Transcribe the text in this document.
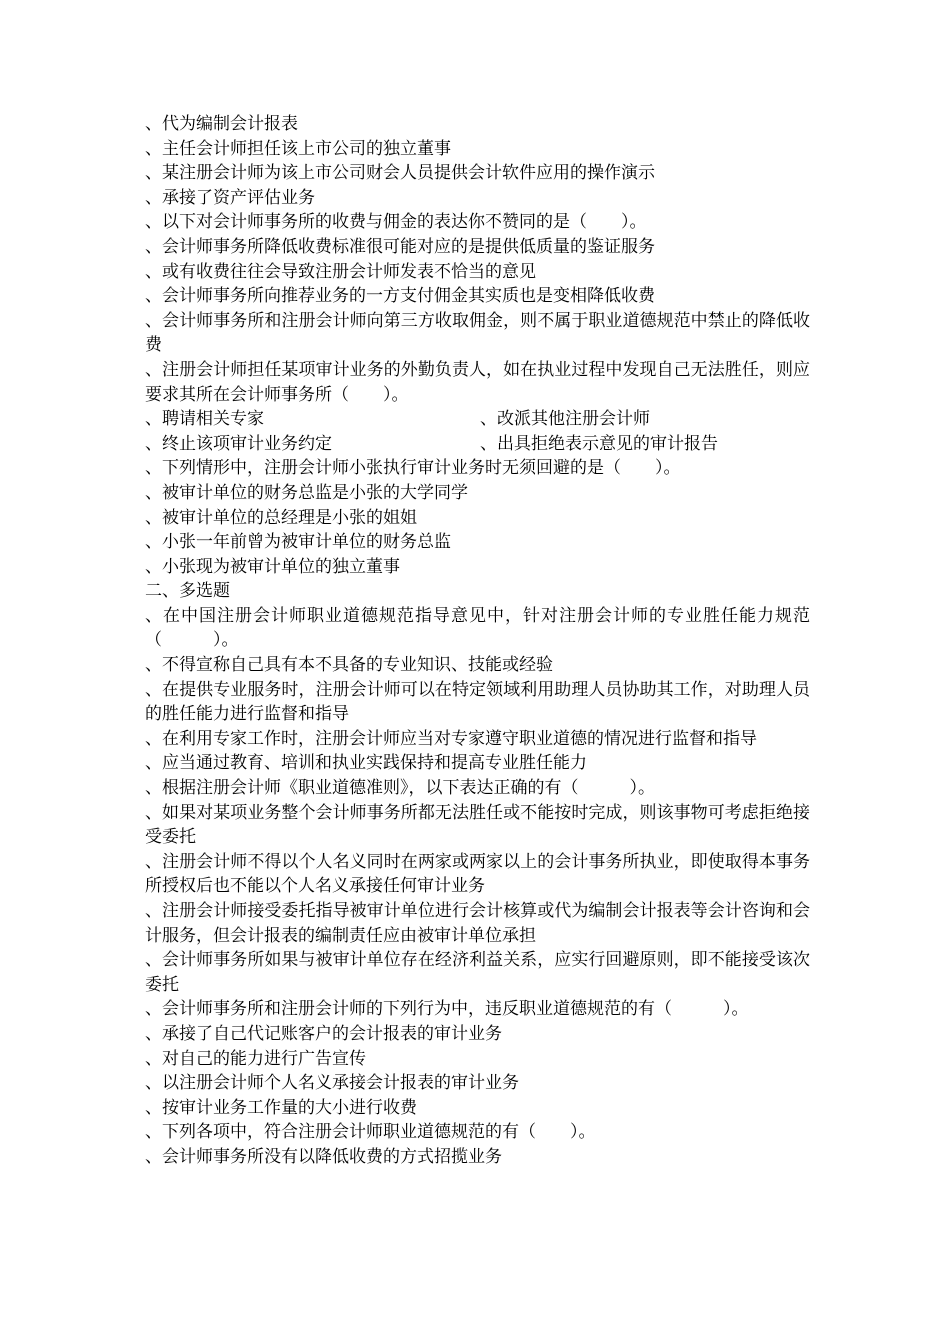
、代为编制会计报表
、主任会计师担任该上市公司的独立董事
、某注册会计师为该上市公司财会人员提供会计软件应用的操作演示
、承接了资产评估业务
、以下对会计师事务所的收费与佣金的表达你不赞同的是（　　）。
、会计师事务所降低收费标准很可能对应的是提供低质量的鉴证服务
、或有收费往往会导致注册会计师发表不恰当的意见
、会计师事务所向推荐业务的一方支付佣金其实质也是变相降低收费
、会计师事务所和注册会计师向第三方收取佣金，则不属于职业道德规范中禁止的降低收费
、注册会计师担任某项审计业务的外勤负责人，如在执业过程中发现自己无法胜任，则应要求其所在会计师事务所（　　）。
、聘请相关专家	、改派其他注册会计师
、终止该项审计业务约定	、出具拒绝表示意见的审计报告
、下列情形中，注册会计师小张执行审计业务时无须回避的是（　　）。
、被审计单位的财务总监是小张的大学同学
、被审计单位的总经理是小张的姐姐
、小张一年前曾为被审计单位的财务总监
、小张现为被审计单位的独立董事
二、多选题
、在中国注册会计师职业道德规范指导意见中，针对注册会计师的专业胜任能力规范（　　　）。
、不得宣称自己具有本不具备的专业知识、技能或经验
、在提供专业服务时，注册会计师可以在特定领域利用助理人员协助其工作，对助理人员的胜任能力进行监督和指导
、在利用专家工作时，注册会计师应当对专家遵守职业道德的情况进行监督和指导
、应当通过教育、培训和执业实践保持和提高专业胜任能力
、根据注册会计师《职业道德准则》，以下表达正确的有（　　　）。
、如果对某项业务整个会计师事务所都无法胜任或不能按时完成，则该事物可考虑拒绝接受委托
、注册会计师不得以个人名义同时在两家或两家以上的会计事务所执业，即使取得本事务所授权后也不能以个人名义承接任何审计业务
、注册会计师接受委托指导被审计单位进行会计核算或代为编制会计报表等会计咨询和会计服务，但会计报表的编制责任应由被审计单位承担
、会计师事务所如果与被审计单位存在经济利益关系，应实行回避原则，即不能接受该次委托
、会计师事务所和注册会计师的下列行为中，违反职业道德规范的有（　　　）。
、承接了自己代记账客户的会计报表的审计业务
、对自己的能力进行广告宣传
、以注册会计师个人名义承接会计报表的审计业务
、按审计业务工作量的大小进行收费
、下列各项中，符合注册会计师职业道德规范的有（　　）。
、会计师事务所没有以降低收费的方式招揽业务
